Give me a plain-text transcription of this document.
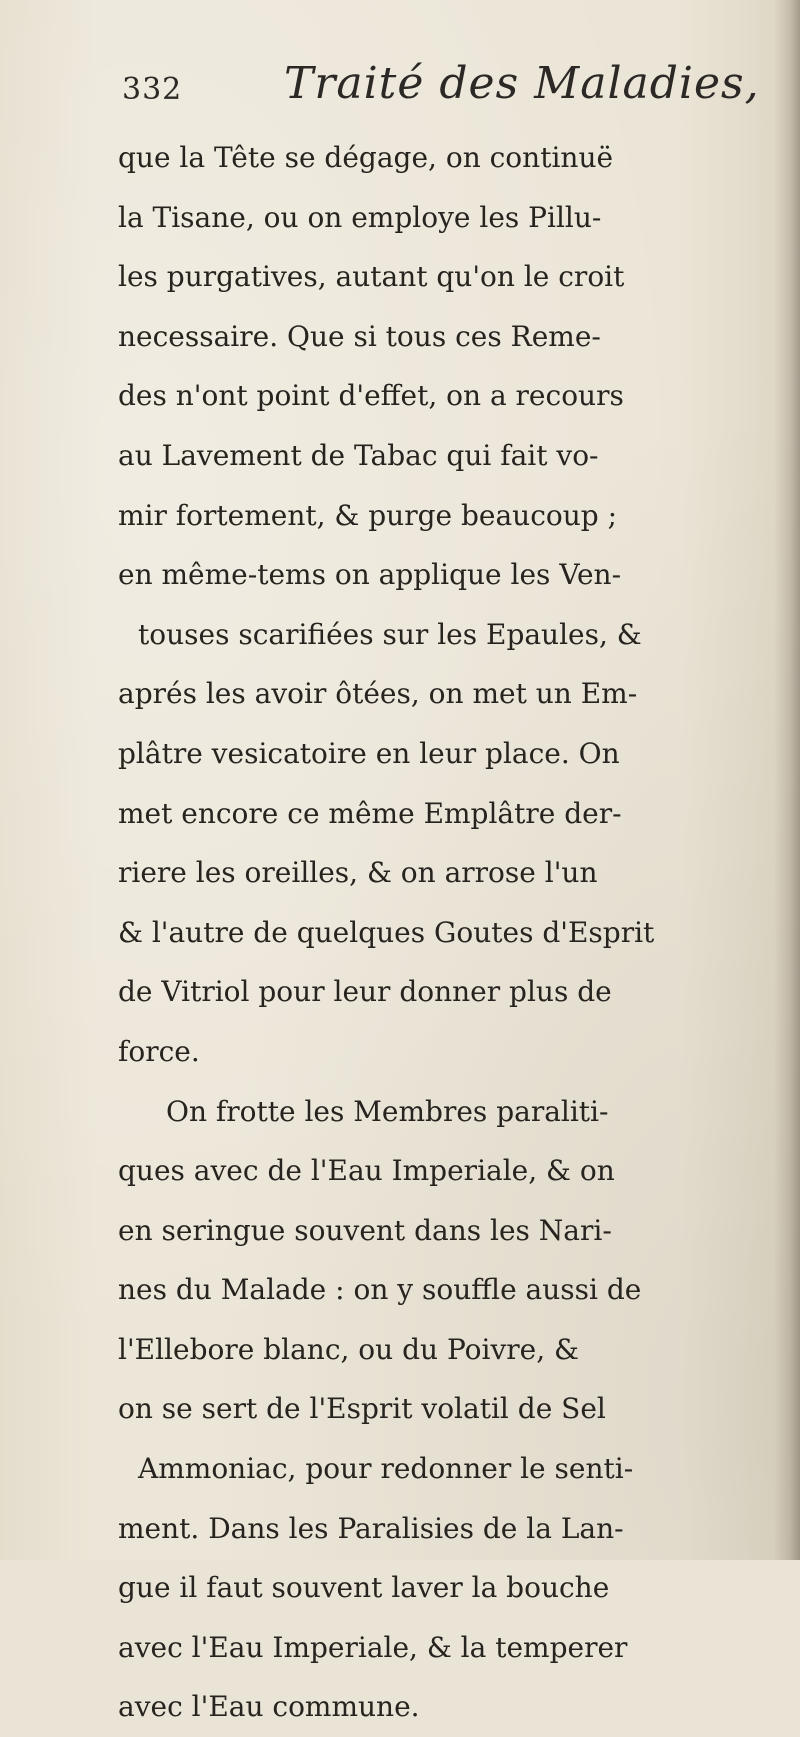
332 Traité des Maladies,
que la Tête se dégage, on continuë
la Tisane, ou on employe les Pillu-
les purgatives, autant qu'on le croit
necessaire. Que si tous ces Reme-
des n'ont point d'effet, on a recours
au Lavement de Tabac qui fait vo-
mir fortement, & purge beaucoup ;
en même-tems on applique les Ven-
touses scarifiées sur les Epaules, &
aprés les avoir ôtées, on met un Em-
plâtre vesicatoire en leur place. On
met encore ce même Emplâtre der-
riere les oreilles, & on arrose l'un
& l'autre de quelques Goutes d'Esprit
de Vitriol pour leur donner plus de
force.
On frotte les Membres paraliti-
ques avec de l'Eau Imperiale, & on
en seringue souvent dans les Nari-
nes du Malade : on y souffle aussi de
l'Ellebore blanc, ou du Poivre, &
on se sert de l'Esprit volatil de Sel
Ammoniac, pour redonner le senti-
ment. Dans les Paralisies de la Lan-
gue il faut souvent laver la bouche
avec l'Eau Imperiale, & la temperer
avec l'Eau commune.
